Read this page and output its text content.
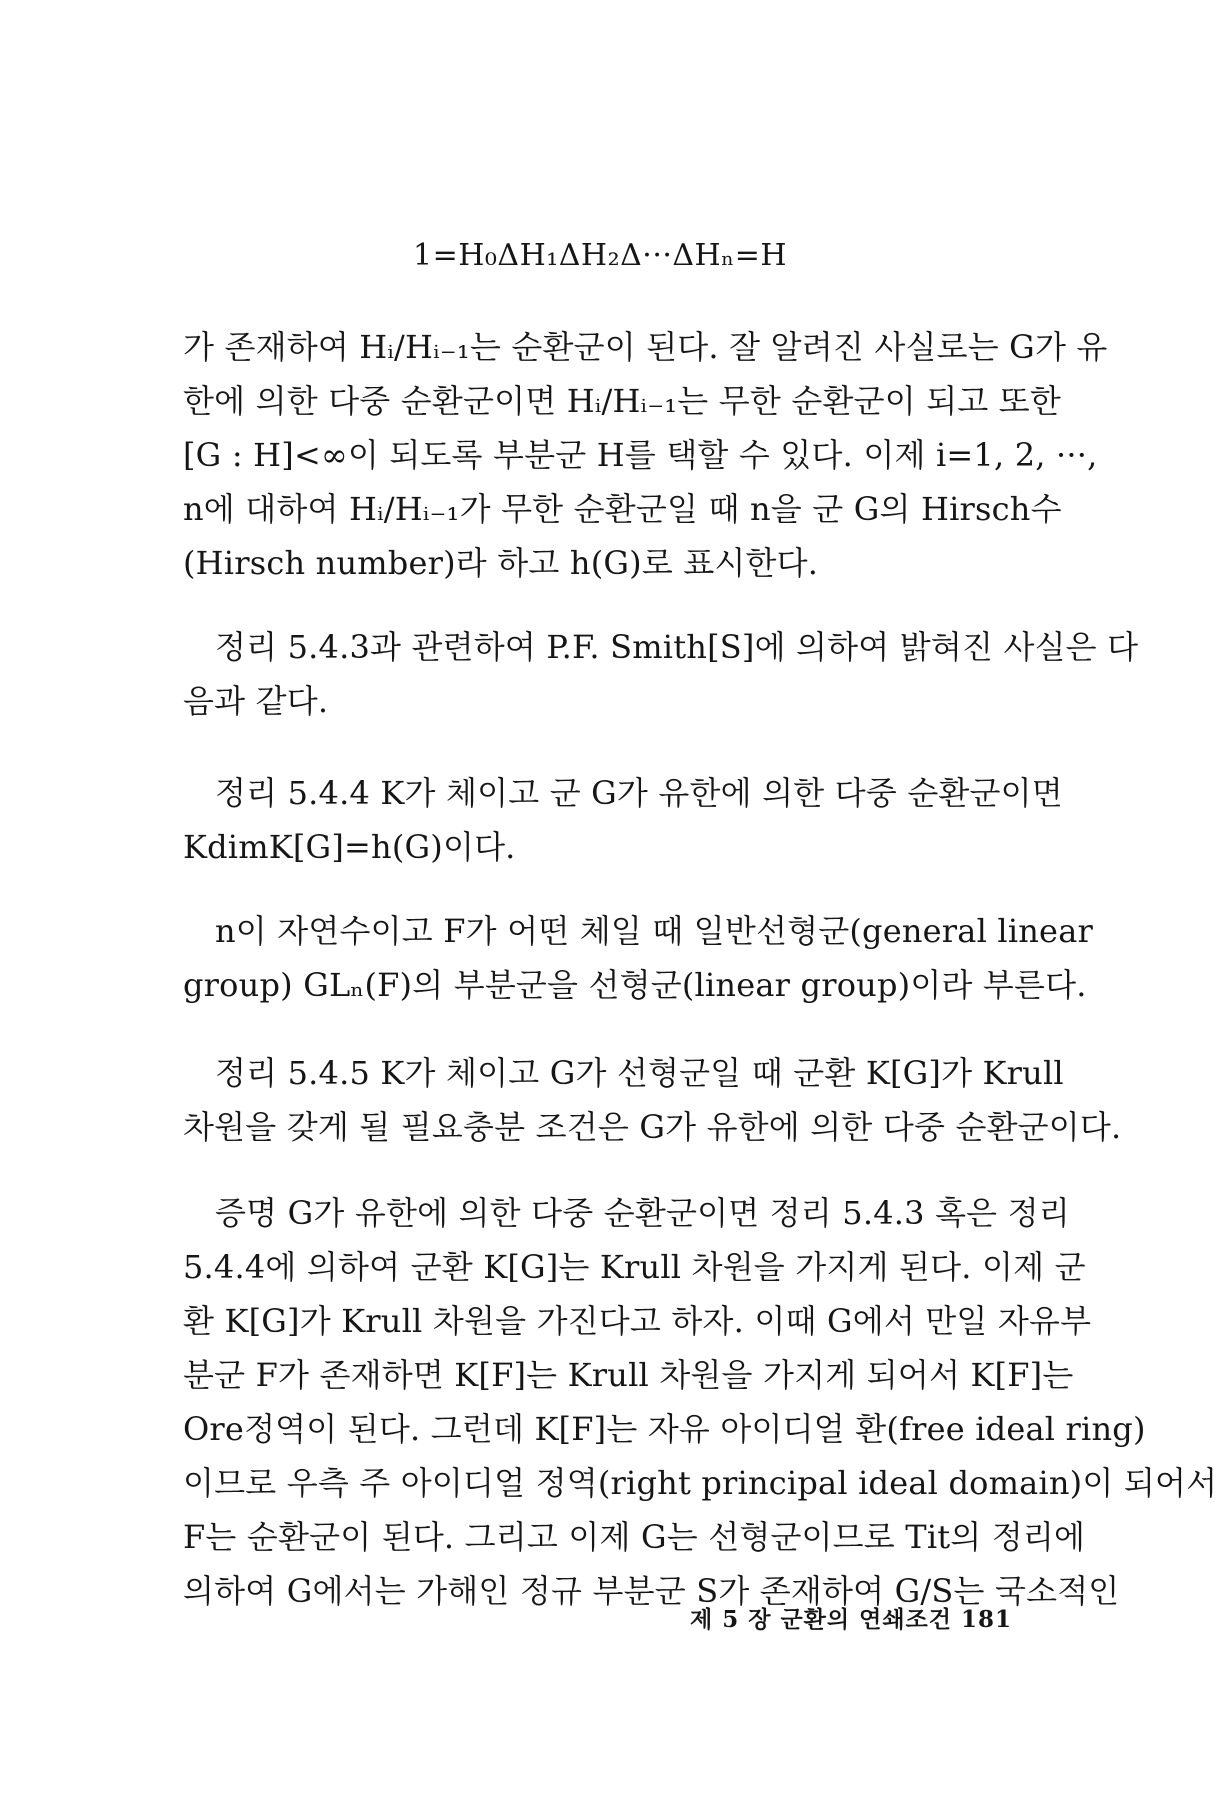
1=H₀ΔH₁ΔH₂Δ···ΔHₙ=H
가 존재하여 Hᵢ/Hᵢ₋₁는 순환군이 된다. 잘 알려진 사실로는 G가 유
한에 의한 다중 순환군이면 Hᵢ/Hᵢ₋₁는 무한 순환군이 되고 또한
[G : H]<∞이 되도록 부분군 H를 택할 수 있다. 이제 i=1, 2, ···,
n에 대하여 Hᵢ/Hᵢ₋₁가 무한 순환군일 때 n을 군 G의 Hirsch수
(Hirsch number)라 하고 h(G)로 표시한다.
정리 5.4.3과 관련하여 P.F. Smith[S]에 의하여 밝혀진 사실은 다
음과 같다.
정리 5.4.4 K가 체이고 군 G가 유한에 의한 다중 순환군이면
KdimK[G]=h(G)이다.
n이 자연수이고 F가 어떤 체일 때 일반선형군(general linear
group) GLₙ(F)의 부분군을 선형군(linear group)이라 부른다.
정리 5.4.5 K가 체이고 G가 선형군일 때 군환 K[G]가 Krull
차원을 갖게 될 필요충분 조건은 G가 유한에 의한 다중 순환군이다.
증명 G가 유한에 의한 다중 순환군이면 정리 5.4.3 혹은 정리
5.4.4에 의하여 군환 K[G]는 Krull 차원을 가지게 된다. 이제 군
환 K[G]가 Krull 차원을 가진다고 하자. 이때 G에서 만일 자유부
분군 F가 존재하면 K[F]는 Krull 차원을 가지게 되어서 K[F]는
Ore정역이 된다. 그런데 K[F]는 자유 아이디얼 환(free ideal ring)
이므로 우측 주 아이디얼 정역(right principal ideal domain)이 되어서
F는 순환군이 된다. 그리고 이제 G는 선형군이므로 Tit의 정리에
의하여 G에서는 가해인 정규 부분군 S가 존재하여 G/S는 국소적인
제 5 장 군환의 연쇄조건 181
